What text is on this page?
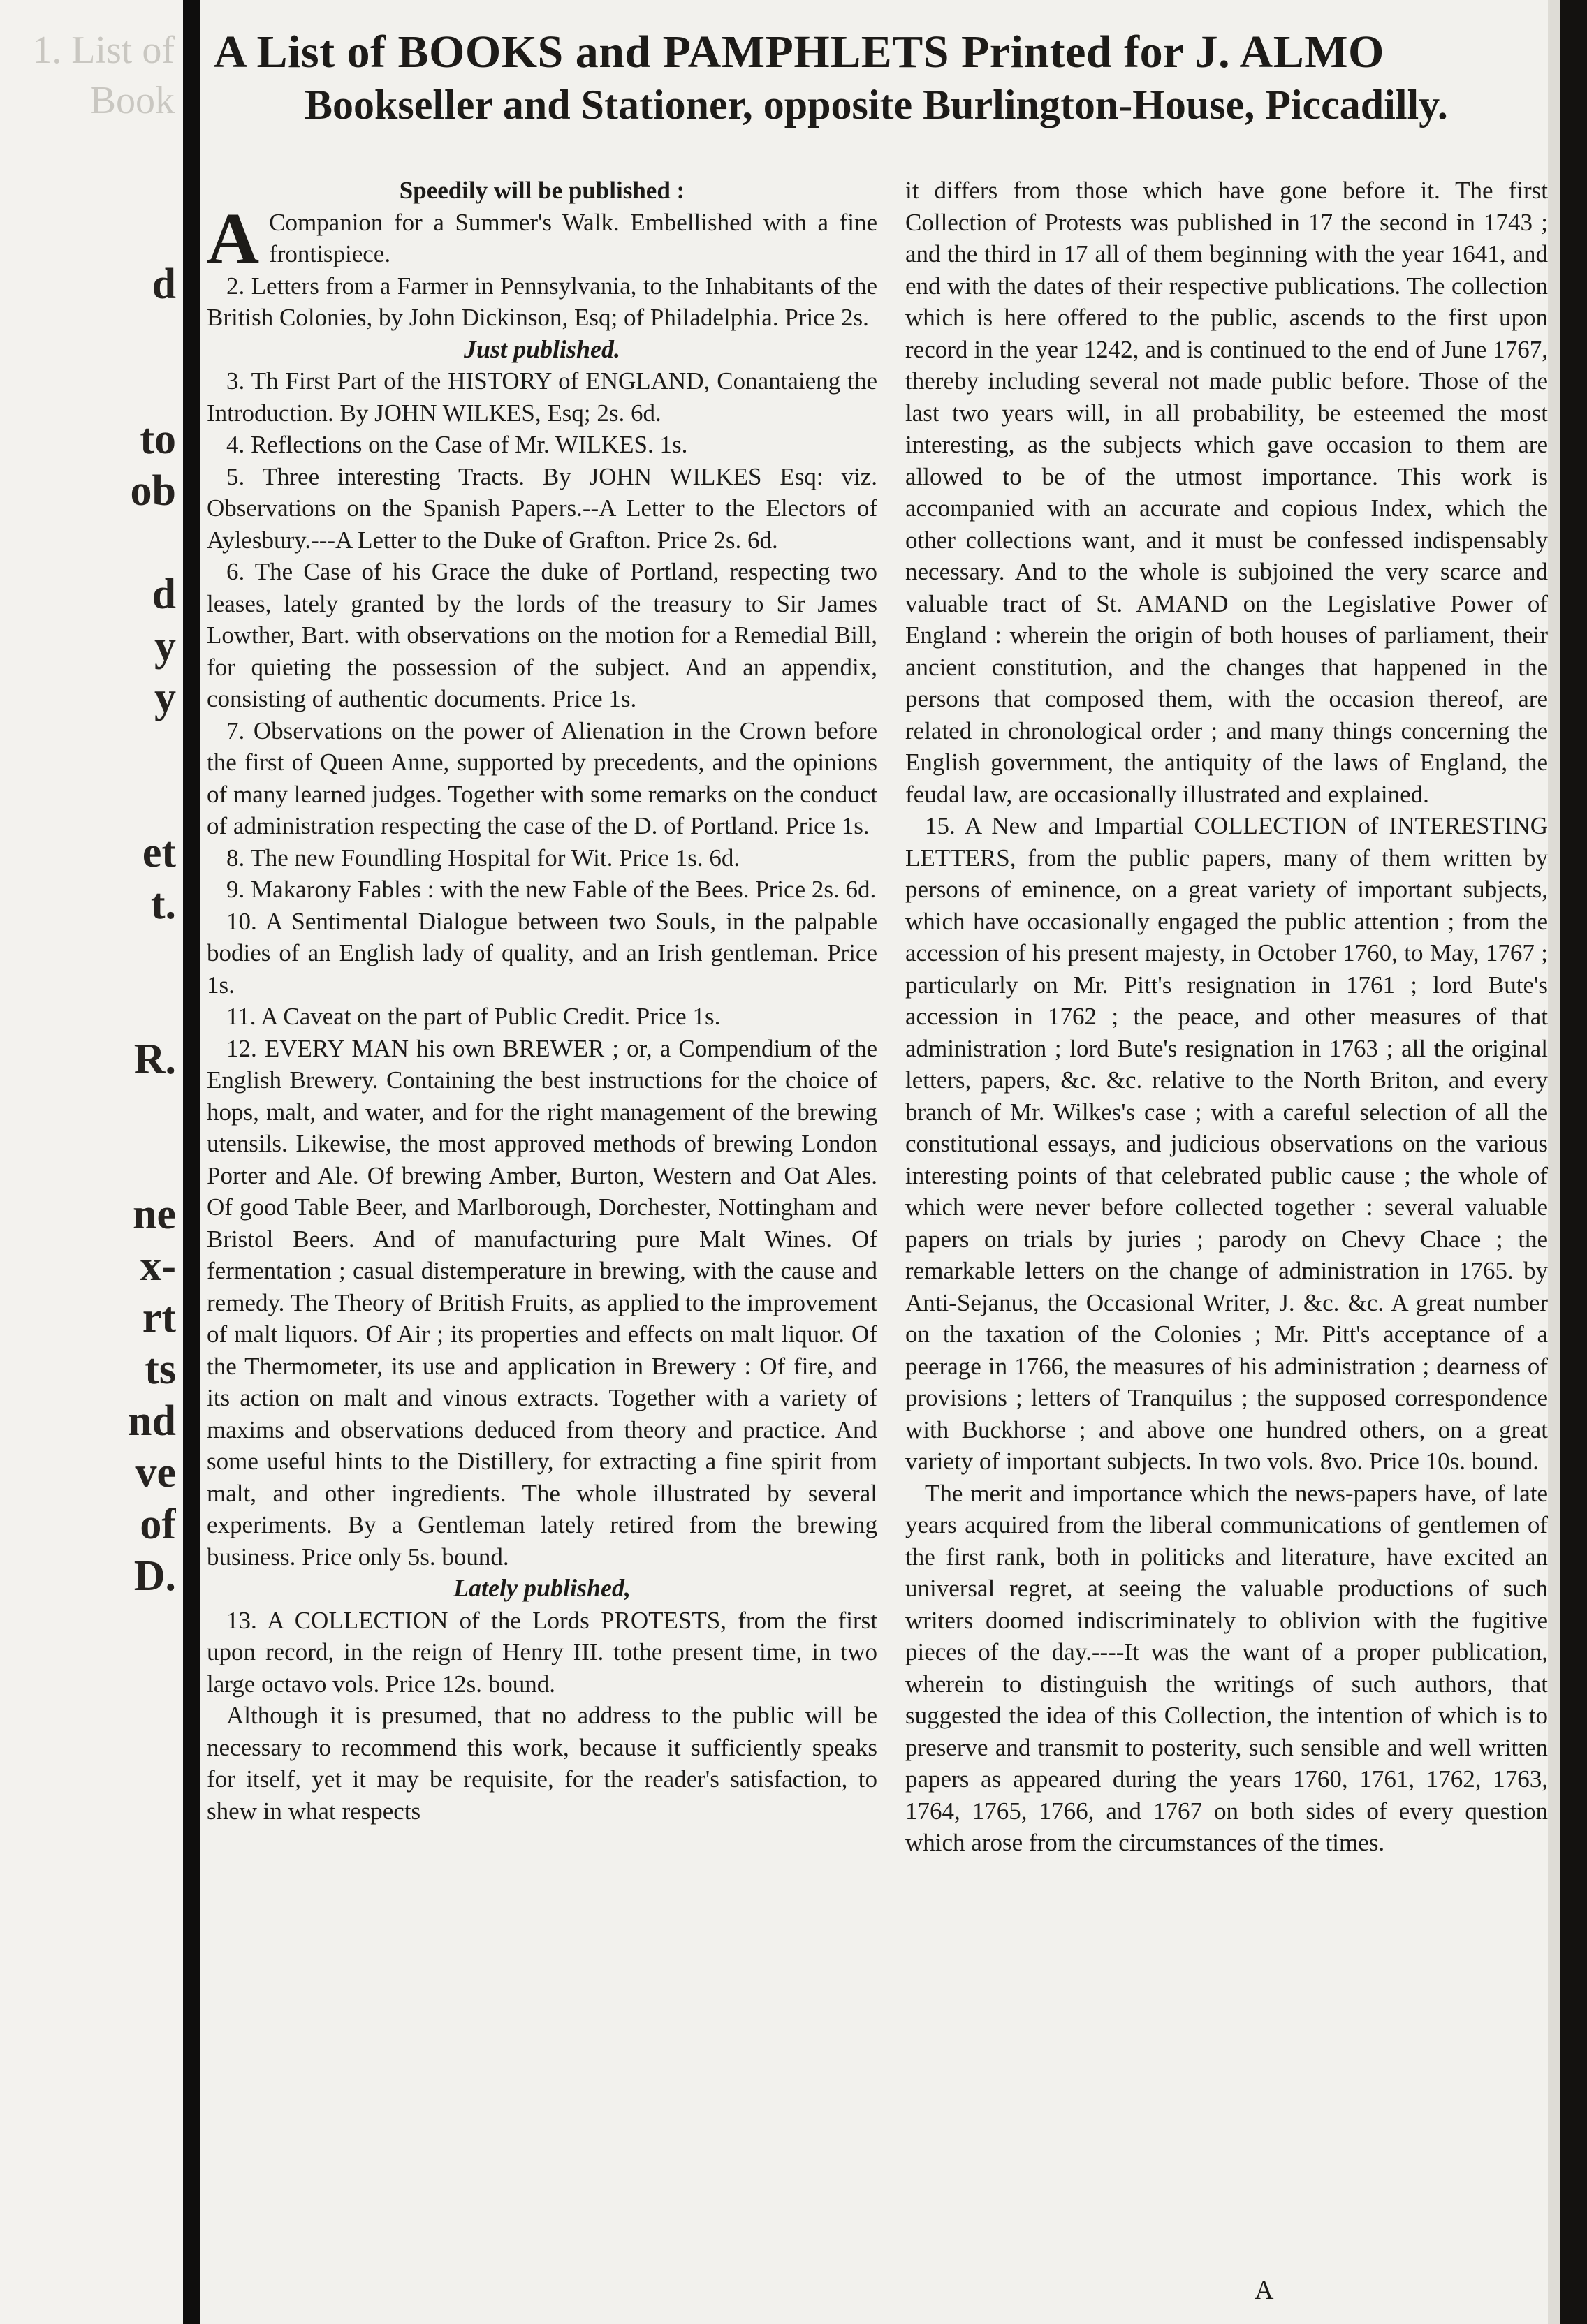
1. List of Book
d

to
ob

d
y
y

et
t.

R.

ne
x-
rt
ts
nd
ve
of
D.
A List of BOOKS and PAMPHLETS Printed for J. ALMO
Bookseller and Stationer, opposite Burlington-House, Piccadilly.

Speedily will be published :

A Companion for a Summer's Walk. Embellished with a fine frontispiece.

2. Letters from a Farmer in Pennsylvania, to the Inhabitants of the British Colonies, by John Dickinson, Esq; of Philadelphia. Price 2s.

Just published.

3. Th First Part of the HISTORY of ENGLAND, Conantaieng the Introduction. By JOHN WILKES, Esq; 2s. 6d.

4. Reflections on the Case of Mr. WILKES. 1s.

5. Three interesting Tracts. By JOHN WILKES Esq: viz. Observations on the Spanish Papers.--A Letter to the Electors of Aylesbury.---A Letter to the Duke of Grafton. Price 2s. 6d.

6. The Case of his Grace the duke of Portland, respecting two leases, lately granted by the lords of the treasury to Sir James Lowther, Bart. with observations on the motion for a Remedial Bill, for quieting the possession of the subject. And an appendix, consisting of authentic documents. Price 1s.

7. Observations on the power of Alienation in the Crown before the first of Queen Anne, supported by precedents, and the opinions of many learned judges. Together with some remarks on the conduct of administration respecting the case of the D. of Portland. Price 1s.

8. The new Foundling Hospital for Wit. Price 1s. 6d.

9. Makarony Fables : with the new Fable of the Bees. Price 2s. 6d.

10. A Sentimental Dialogue between two Souls, in the palpable bodies of an English lady of quality, and an Irish gentleman. Price 1s.

11. A Caveat on the part of Public Credit. Price 1s.

12. EVERY MAN his own BREWER ; or, a Compendium of the English Brewery. Containing the best instructions for the choice of hops, malt, and water, and for the right management of the brewing utensils. Likewise, the most approved methods of brewing London Porter and Ale. Of brewing Amber, Burton, Western and Oat Ales. Of good Table Beer, and Marlborough, Dorchester, Nottingham and Bristol Beers. And of manufacturing pure Malt Wines. Of fermentation ; casual distemperature in brewing, with the cause and remedy. The Theory of British Fruits, as applied to the improvement of malt liquors. Of Air ; its properties and effects on malt liquor. Of the Thermometer, its use and application in Brewery : Of fire, and its action on malt and vinous extracts. Together with a variety of maxims and observations deduced from theory and practice. And some useful hints to the Distillery, for extracting a fine spirit from malt, and other ingredients. The whole illustrated by several experiments. By a Gentleman lately retired from the brewing business. Price only 5s. bound.

Lately published,

13. A COLLECTION of the Lords PROTESTS, from the first upon record, in the reign of Henry III. tothe present time, in two large octavo vols. Price 12s. bound.

Although it is presumed, that no address to the public will be necessary to recommend this work, because it sufficiently speaks for itself, yet it may be requisite, for the reader's satisfaction, to shew in what respects

it differs from those which have gone before it. The first Collection of Protests was published in 17 the second in 1743 ; and the third in 17 all of them beginning with the year 1641, and end with the dates of their respective publications. The collection which is here offered to the public, ascends to the first upon record in the year 1242, and is continued to the end of June 1767, thereby including several not made public before. Those of the last two years will, in all probability, be esteemed the most interesting, as the subjects which gave occasion to them are allowed to be of the utmost importance. This work is accompanied with an accurate and copious Index, which the other collections want, and it must be confessed indispensably necessary. And to the whole is subjoined the very scarce and valuable tract of St. AMAND on the Legislative Power of England : wherein the origin of both houses of parliament, their ancient constitution, and the changes that happened in the persons that composed them, with the occasion thereof, are related in chronological order ; and many things concerning the English government, the antiquity of the laws of England, the feudal law, are occasionally illustrated and explained.

15. A New and Impartial COLLECTION of INTERESTING LETTERS, from the public papers, many of them written by persons of eminence, on a great variety of important subjects, which have occasionally engaged the public attention ; from the accession of his present majesty, in October 1760, to May, 1767 ; particularly on Mr. Pitt's resignation in 1761 ; lord Bute's accession in 1762 ; the peace, and other measures of that administration ; lord Bute's resignation in 1763 ; all the original letters, papers, &c. &c. relative to the North Briton, and every branch of Mr. Wilkes's case ; with a careful selection of all the constitutional essays, and judicious observations on the various interesting points of that celebrated public cause ; the whole of which were never before collected together : several valuable papers on trials by juries ; parody on Chevy Chace ; the remarkable letters on the change of administration in 1765. by Anti-Sejanus, the Occasional Writer, J. &c. &c. A great number on the taxation of the Colonies ; Mr. Pitt's acceptance of a peerage in 1766, the measures of his administration ; dearness of provisions ; letters of Tranquilus ; the supposed correspondence with Buckhorse ; and above one hundred others, on a great variety of important subjects. In two vols. 8vo. Price 10s. bound.

The merit and importance which the news-papers have, of late years acquired from the liberal communications of gentlemen of the first rank, both in politicks and literature, have excited an universal regret, at seeing the valuable productions of such writers doomed indiscriminately to oblivion with the fugitive pieces of the day.----It was the want of a proper publication, wherein to distinguish the writings of such authors, that suggested the idea of this Collection, the intention of which is to preserve and transmit to posterity, such sensible and well written papers as appeared during the years 1760, 1761, 1762, 1763, 1764, 1765, 1766, and 1767 on both sides of every question which arose from the circumstances of the times.

A
